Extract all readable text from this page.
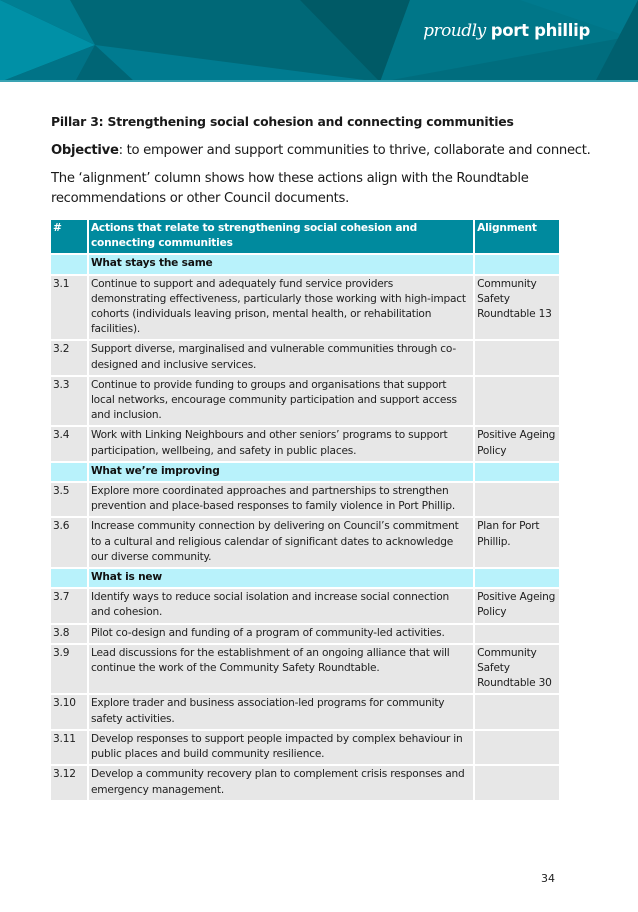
proudly port phillip

Pillar 3: Strengthening social cohesion and connecting communities

Objective: to empower and support communities to thrive, collaborate and connect.

The ‘alignment’ column shows how these actions align with the Roundtable recommendations or other Council documents.

#	Actions that relate to strengthening social cohesion and connecting communities	Alignment
	What stays the same	
3.1	Continue to support and adequately fund service providers demonstrating effectiveness, particularly those working with high-impact cohorts (individuals leaving prison, mental health, or rehabilitation facilities).	Community Safety Roundtable 13
3.2	Support diverse, marginalised and vulnerable communities through co-designed and inclusive services.	
3.3	Continue to provide funding to groups and organisations that support local networks, encourage community participation and support access and inclusion.	
3.4	Work with Linking Neighbours and other seniors’ programs to support participation, wellbeing, and safety in public places.	Positive Ageing Policy
	What we’re improving	
3.5	Explore more coordinated approaches and partnerships to strengthen prevention and place-based responses to family violence in Port Phillip.	
3.6	Increase community connection by delivering on Council’s commitment to a cultural and religious calendar of significant dates to acknowledge our diverse community.	Plan for Port Phillip.
	What is new	
3.7	Identify ways to reduce social isolation and increase social connection and cohesion.	Positive Ageing Policy
3.8	Pilot co-design and funding of a program of community-led activities.	
3.9	Lead discussions for the establishment of an ongoing alliance that will continue the work of the Community Safety Roundtable.	Community Safety Roundtable 30
3.10	Explore trader and business association-led programs for community safety activities.	
3.11	Develop responses to support people impacted by complex behaviour in public places and build community resilience.	
3.12	Develop a community recovery plan to complement crisis responses and emergency management.	
34
